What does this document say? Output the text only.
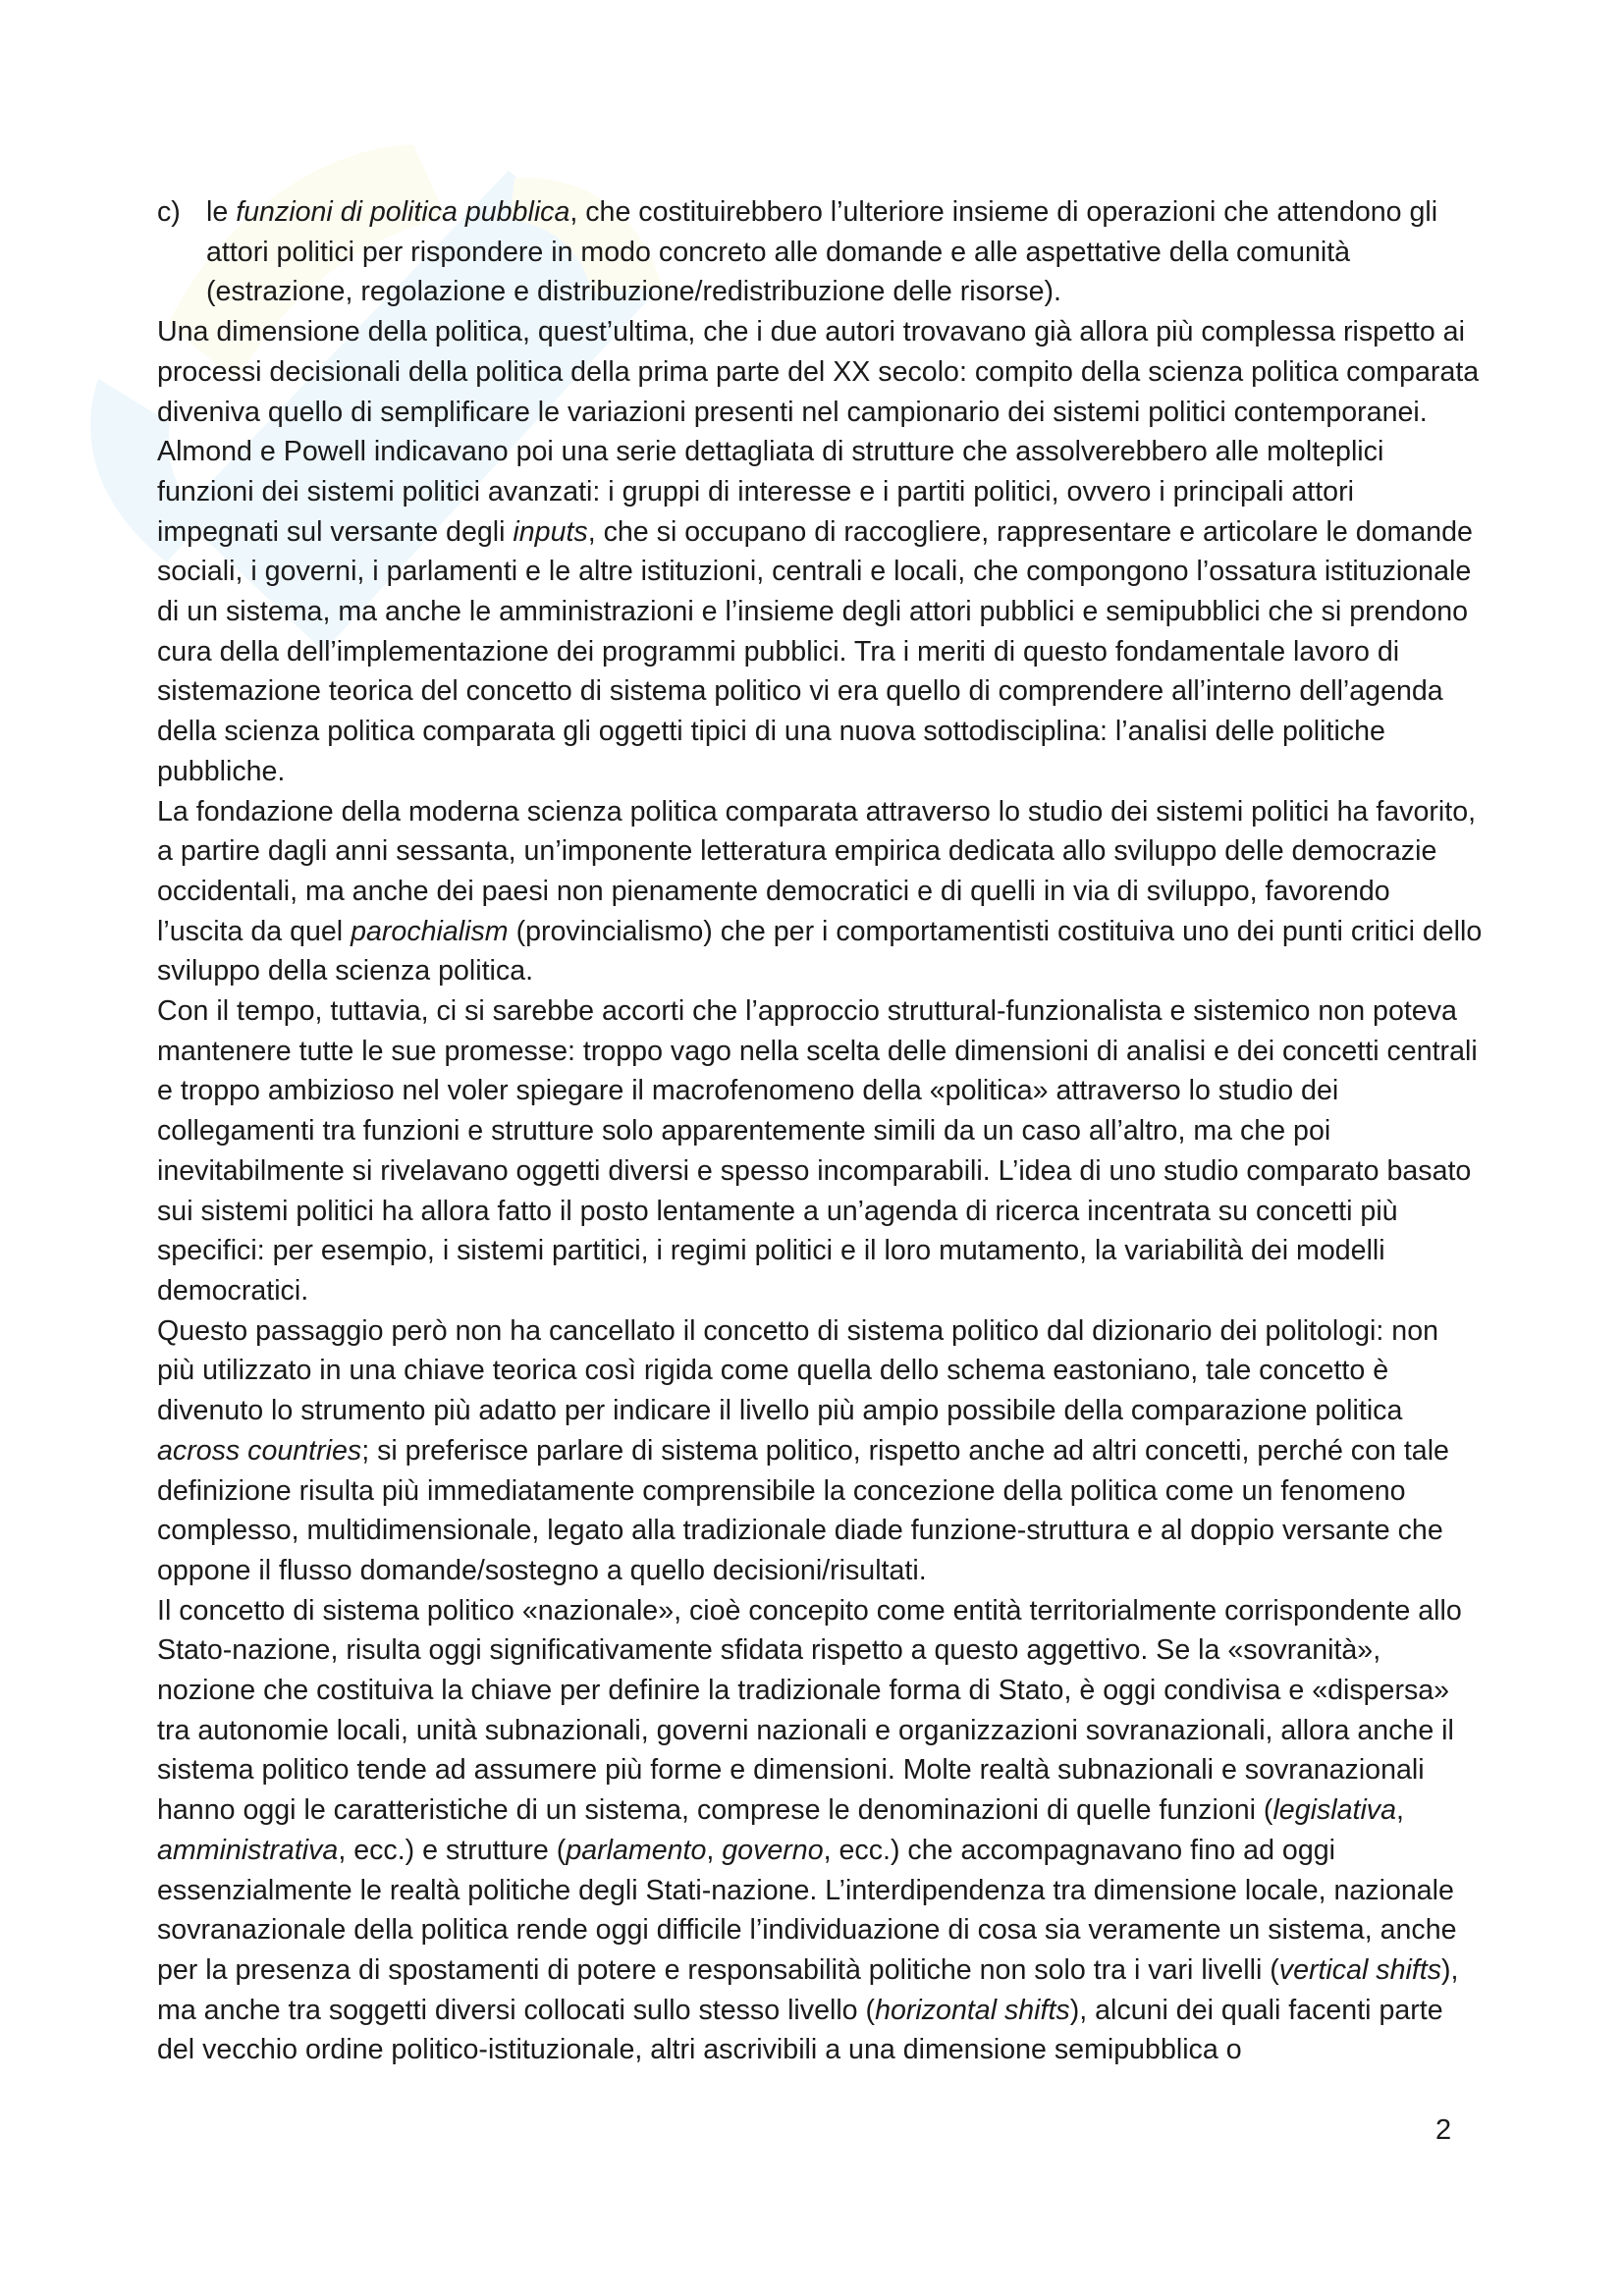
c) le funzioni di politica pubblica, che costituirebbero l’ulteriore insieme di operazioni che attendono gli attori politici per rispondere in modo concreto alle domande e alle aspettative della comunità (estrazione, regolazione e distribuzione/redistribuzione delle risorse).

Una dimensione della politica, quest’ultima, che i due autori trovavano già allora più complessa rispetto ai processi decisionali della politica della prima parte del XX secolo: compito della scienza politica comparata diveniva quello di semplificare le variazioni presenti nel campionario dei sistemi politici contemporanei. Almond e Powell indicavano poi una serie dettagliata di strutture che assolverebbero alle molteplici funzioni dei sistemi politici avanzati: i gruppi di interesse e i partiti politici, ovvero i principali attori impegnati sul versante degli inputs, che si occupano di raccogliere, rappresentare e articolare le domande sociali, i governi, i parlamenti e le altre istituzioni, centrali e locali, che compongono l’ossatura istituzionale di un sistema, ma anche le amministrazioni e l’insieme degli attori pubblici e semipubblici che si prendono cura della dell’implementazione dei programmi pubblici. Tra i meriti di questo fondamentale lavoro di sistemazione teorica del concetto di sistema politico vi era quello di comprendere all’interno dell’agenda della scienza politica comparata gli oggetti tipici di una nuova sottodisciplina: l’analisi delle politiche pubbliche.

La fondazione della moderna scienza politica comparata attraverso lo studio dei sistemi politici ha favorito, a partire dagli anni sessanta, un’imponente letteratura empirica dedicata allo sviluppo delle democrazie occidentali, ma anche dei paesi non pienamente democratici e di quelli in via di sviluppo, favorendo l’uscita da quel parochialism (provincialismo) che per i comportamentisti costituiva uno dei punti critici dello sviluppo della scienza politica.

Con il tempo, tuttavia, ci si sarebbe accorti che l’approccio struttural-funzionalista e sistemico non poteva mantenere tutte le sue promesse: troppo vago nella scelta delle dimensioni di analisi e dei concetti centrali e troppo ambizioso nel voler spiegare il macrofenomeno della «politica» attraverso lo studio dei collegamenti tra funzioni e strutture solo apparentemente simili da un caso all’altro, ma che poi inevitabilmente si rivelavano oggetti diversi e spesso incomparabili. L’idea di uno studio comparato basato sui sistemi politici ha allora fatto il posto lentamente a un’agenda di ricerca incentrata su concetti più specifici: per esempio, i sistemi partitici, i regimi politici e il loro mutamento, la variabilità dei modelli democratici.

Questo passaggio però non ha cancellato il concetto di sistema politico dal dizionario dei politologi: non più utilizzato in una chiave teorica così rigida come quella dello schema eastoniano, tale concetto è divenuto lo strumento più adatto per indicare il livello più ampio possibile della comparazione politica across countries; si preferisce parlare di sistema politico, rispetto anche ad altri concetti, perché con tale definizione risulta più immediatamente comprensibile la concezione della politica come un fenomeno complesso, multidimensionale, legato alla tradizionale diade funzione-struttura e al doppio versante che oppone il flusso domande/sostegno a quello decisioni/risultati.

Il concetto di sistema politico «nazionale», cioè concepito come entità territorialmente corrispondente allo Stato-nazione, risulta oggi significativamente sfidata rispetto a questo aggettivo. Se la «sovranità», nozione che costituiva la chiave per definire la tradizionale forma di Stato, è oggi condivisa e «dispersa» tra autonomie locali, unità subnazionali, governi nazionali e organizzazioni sovranazionali, allora anche il sistema politico tende ad assumere più forme e dimensioni. Molte realtà subnazionali e sovranazionali hanno oggi le caratteristiche di un sistema, comprese le denominazioni di quelle funzioni (legislativa, amministrativa, ecc.) e strutture (parlamento, governo, ecc.) che accompagnavano fino ad oggi essenzialmente le realtà politiche degli Stati-nazione. L’interdipendenza tra dimensione locale, nazionale sovranazionale della politica rende oggi difficile l’individuazione di cosa sia veramente un sistema, anche per la presenza di spostamenti di potere e responsabilità politiche non solo tra i vari livelli (vertical shifts), ma anche tra soggetti diversi collocati sullo stesso livello (horizontal shifts), alcuni dei quali facenti parte del vecchio ordine politico-istituzionale, altri ascrivibili a una dimensione semipubblica o

2
